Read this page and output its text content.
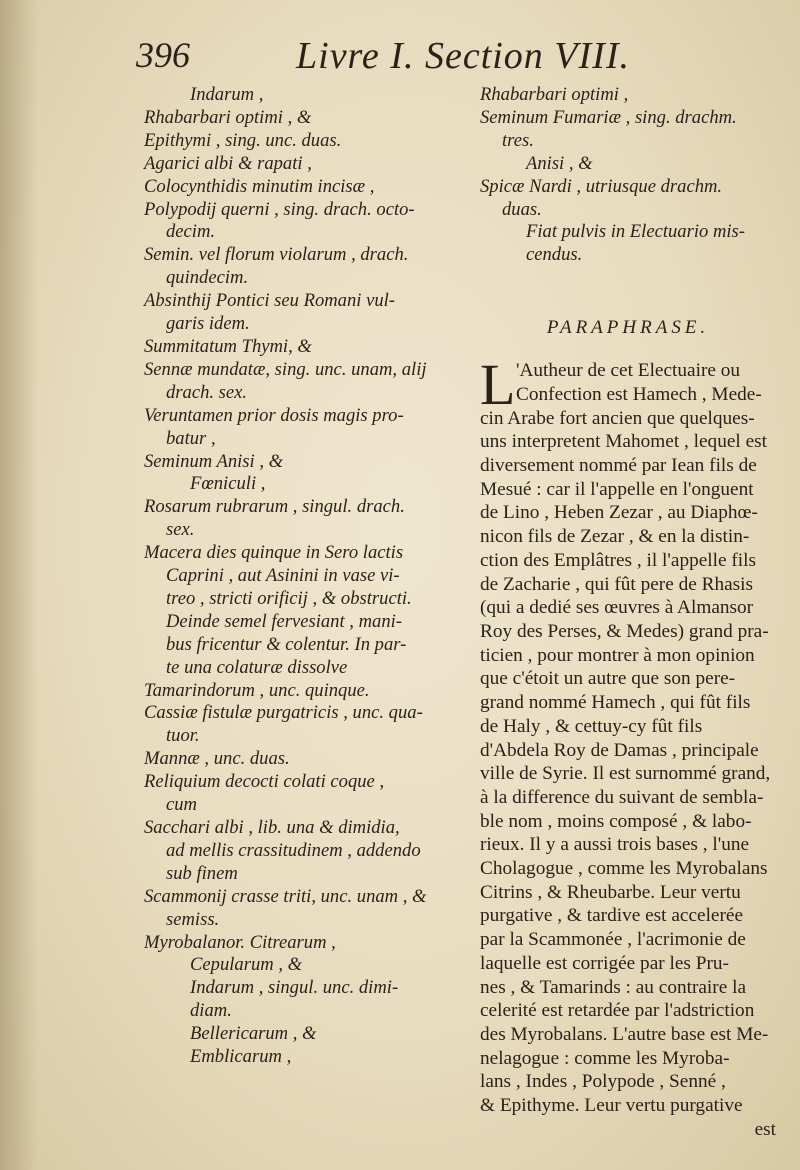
396	Livre I. Section VIII.
Indarum ,
Rhabarbari optimi , &
Epithymi , sing. unc. duas.
Agarici albi & rapati ,
Colocynthidis minutim incisæ ,
Polypodij querni , sing. drach. octo-
decim.
Semin. vel florum violarum , drach.
quindecim.
Absinthij Pontici seu Romani vul-
garis idem.
Summitatum Thymi, &
Sennæ mundatæ, sing. unc. unam, alij
drach. sex.
Veruntamen prior dosis magis pro-
batur ,
Seminum Anisi , &
Fœniculi ,
Rosarum rubrarum , singul. drach.
sex.
Macera dies quinque in Sero lactis
Caprini , aut Asinini in vase vi-
treo , stricti orificij , & obstructi.
Deinde semel fervesiant , mani-
bus fricentur & colentur. In par-
te una colaturæ dissolve
Tamarindorum , unc. quinque.
Cassiæ fistulæ purgatricis , unc. qua-
tuor.
Mannæ , unc. duas.
Reliquium decocti colati coque ,
cum
Sacchari albi , lib. una & dimidia,
ad mellis crassitudinem , addendo
sub finem
Scammonij crasse triti, unc. unam , &
semiss.
Myrobalanor. Citrearum ,
Cepularum , &
Indarum , singul. unc. dimi-
diam.
Bellericarum , &
Emblicarum ,
Rhabarbari optimi ,
Seminum Fumariæ , sing. drachm.
tres.
Anisi , &
Spicæ Nardi , utriusque drachm.
duas.
Fiat pulvis in Electuario mis-
cendus.
PARAPHRASE.
L 'Autheur de cet Electuaire ou
Confection est Hamech , Mede-
cin Arabe fort ancien que quelques-
uns interpretent Mahomet , lequel est
diversement nommé par Iean fils de
Mesué : car il l'appelle en l'onguent
de Lino , Heben Zezar , au Diaphœ-
nicon fils de Zezar , & en la distin-
ction des Emplâtres , il l'appelle fils
de Zacharie , qui fût pere de Rhasis
(qui a dedié ses œuvres à Almansor
Roy des Perses, & Medes) grand pra-
ticien , pour montrer à mon opinion
que c'étoit un autre que son pere-
grand nommé Hamech , qui fût fils
de Haly , & cettuy-cy fût fils
d'Abdela Roy de Damas , principale
ville de Syrie. Il est surnommé grand,
à la difference du suivant de sembla-
ble nom , moins composé , & labo-
rieux. Il y a aussi trois bases , l'une
Cholagogue , comme les Myrobalans
Citrins , & Rheubarbe. Leur vertu
purgative , & tardive est accelerée
par la Scammonée , l'acrimonie de
laquelle est corrigée par les Pru-
nes , & Tamarinds : au contraire la
celerité est retardée par l'adstriction
des Myrobalans. L'autre base est Me-
nelagogue : comme les Myroba-
lans , Indes , Polypode , Senné ,
& Epithyme. Leur vertu purgative
est
